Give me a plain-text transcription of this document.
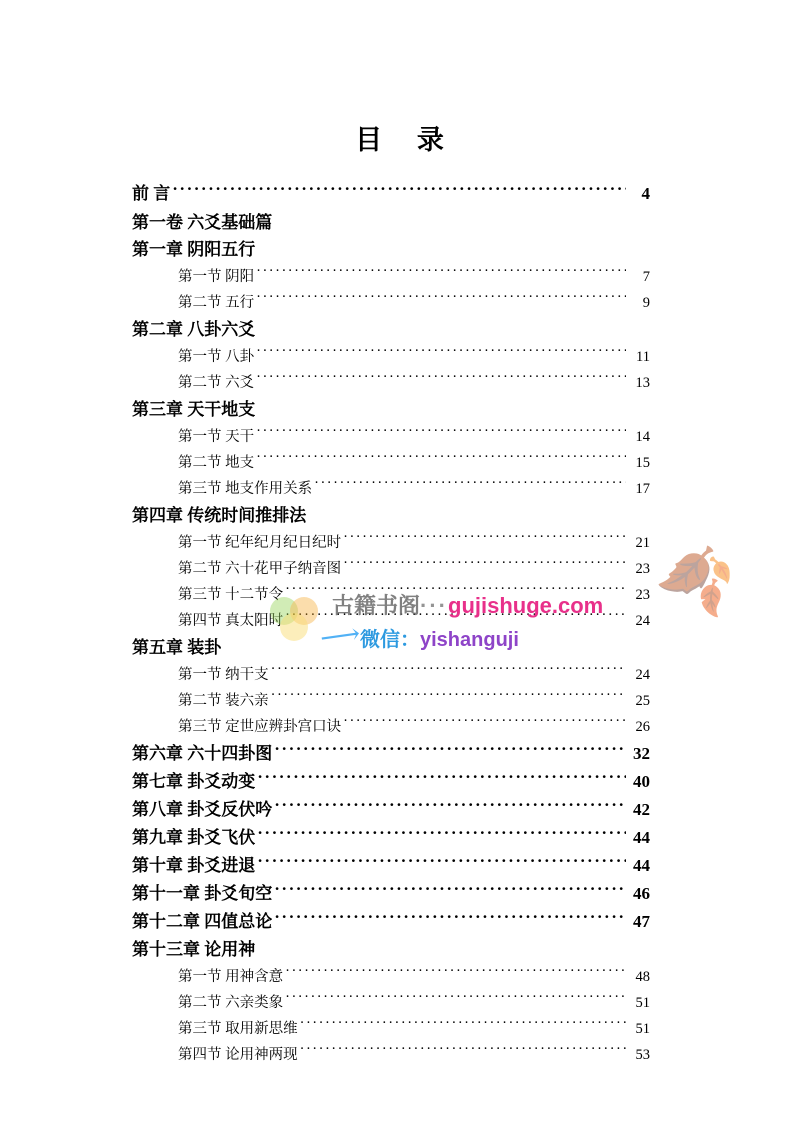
目 录
前 言 ·····	4
第一卷 六爻基础篇
第一章 阴阳五行
第一节 阴阳 ·····	7
第二节 五行 ·····	9
第二章 八卦六爻
第一节 八卦 ·····	11
第二节 六爻 ·····	13
第三章 天干地支
第一节 天干 ·····	14
第二节 地支 ·····	15
第三节 地支作用关系 ·····	17
第四章 传统时间推排法
第一节 纪年纪月纪日纪时 ·····	21
第二节 六十花甲子纳音图 ·····	23
第三节 十二节令 ·····	23
第四节 真太阳时 ·····	24
第五章 装卦
第一节 纳干支 ·····	24
第二节 装六亲 ·····	25
第三节 定世应辨卦宫口诀 ·····	26
第六章 六十四卦图 ·····	32
第七章 卦爻动变 ·····	40
第八章 卦爻反伏吟 ·····	42
第九章 卦爻飞伏 ·····	44
第十章 卦爻进退 ·····	44
第十一章 卦爻旬空 ·····	46
第十二章 四值总论 ·····	47
第十三章 论用神
第一节 用神含意 ·····	48
第二节 六亲类象 ·····	51
第三节 取用新思维 ·····	51
第四节 论用神两现 ·····	53
🍂
⟶
古籍书阁···gujishuge.com
微信：yishanguji
